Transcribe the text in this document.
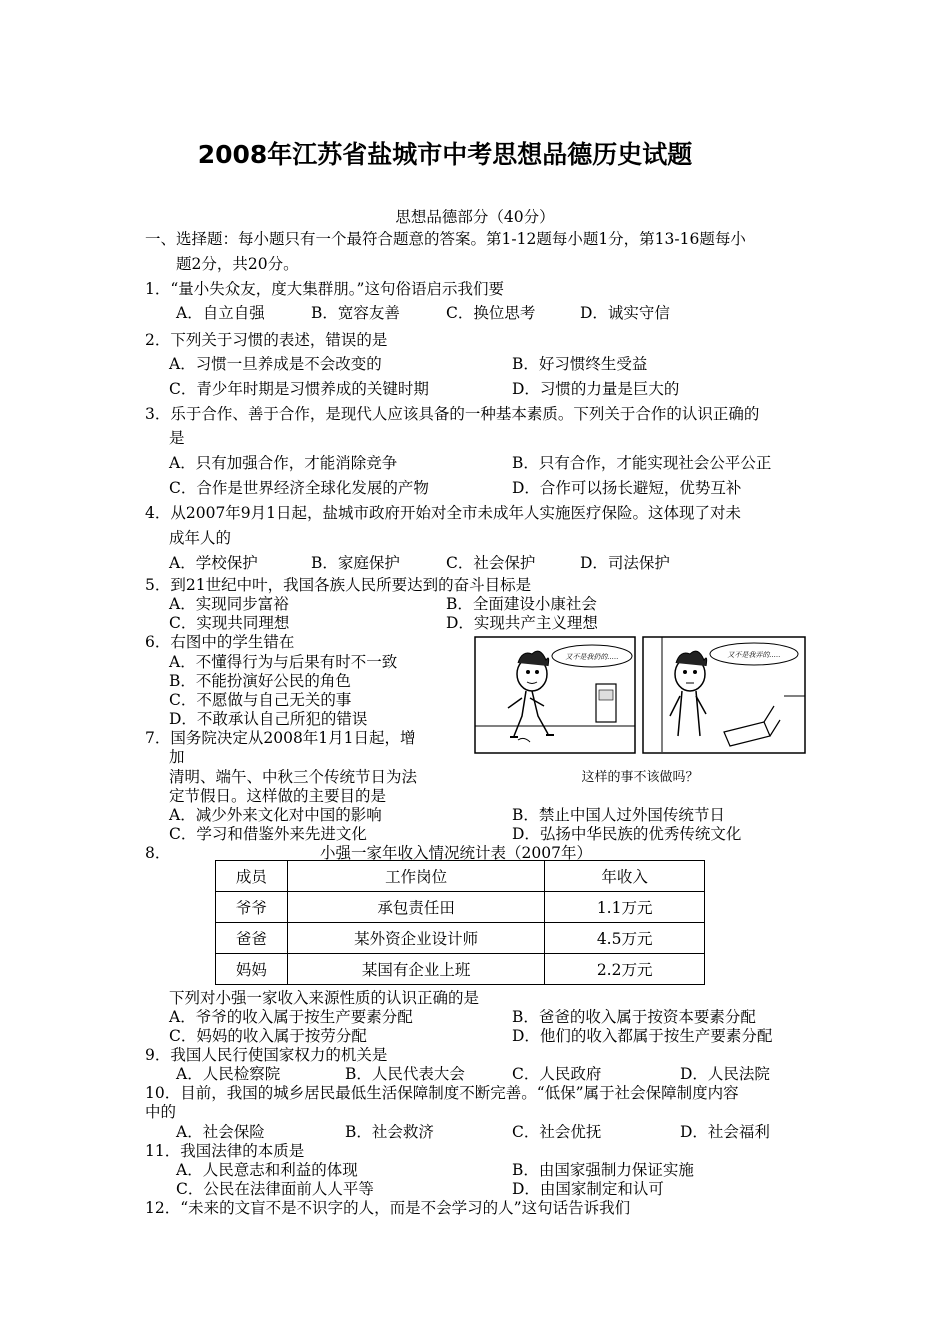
2008年江苏省盐城市中考思想品德历史试题
思想品德部分（40分）
一、选择题：每小题只有一个最符合题意的答案。第1-12题每小题1分，第13-16题每小
题2分，共20分。
1．“量小失众友，度大集群朋。”这句俗语启示我们要
A．自立自强	B．宽容友善	C．换位思考	D．诚实守信
2．下列关于习惯的表述，错误的是
A．习惯一旦养成是不会改变的	B．好习惯终生受益
C．青少年时期是习惯养成的关键时期	D．习惯的力量是巨大的
3．乐于合作、善于合作，是现代人应该具备的一种基本素质。下列关于合作的认识正确的
是
A．只有加强合作，才能消除竞争	B．只有合作，才能实现社会公平公正
C．合作是世界经济全球化发展的产物	D．合作可以扬长避短，优势互补
4．从2007年9月1日起，盐城市政府开始对全市未成年人实施医疗保险。这体现了对未
成年人的
A．学校保护	B．家庭保护	C．社会保护	D．司法保护
5．到21世纪中叶，我国各族人民所要达到的奋斗目标是
A．实现同步富裕	B．全面建设小康社会
C．实现共同理想	D．实现共产主义理想
6．右图中的学生错在
A．不懂得行为与后果有时不一致
B．不能扮演好公民的角色
C．不愿做与自己无关的事
D．不敢承认自己所犯的错误
又不是我扔的.....	又不是我弄的.....
这样的事不该做吗？
7．国务院决定从2008年1月1日起，增
加
清明、端午、中秋三个传统节日为法
定节假日。这样做的主要目的是
A．减少外来文化对中国的影响	B．禁止中国人过外国传统节日
C．学习和借鉴外来先进文化	D．弘扬中华民族的优秀传统文化
8．	小强一家年收入情况统计表（2007年）
成员	工作岗位	年收入
爷爷	承包责任田	1.1万元
爸爸	某外资企业设计师	4.5万元
妈妈	某国有企业上班	2.2万元
下列对小强一家收入来源性质的认识正确的是
A．爷爷的收入属于按生产要素分配	B．爸爸的收入属于按资本要素分配
C．妈妈的收入属于按劳分配	D．他们的收入都属于按生产要素分配
9．我国人民行使国家权力的机关是
A．人民检察院	B．人民代表大会	C．人民政府	D．人民法院
10．目前，我国的城乡居民最低生活保障制度不断完善。“低保”属于社会保障制度内容
中的
A．社会保险	B．社会救济	C．社会优抚	D．社会福利
11．我国法律的本质是
A．人民意志和利益的体现	B．由国家强制力保证实施
C．公民在法律面前人人平等	D．由国家制定和认可
12．“未来的文盲不是不识字的人，而是不会学习的人”这句话告诉我们
